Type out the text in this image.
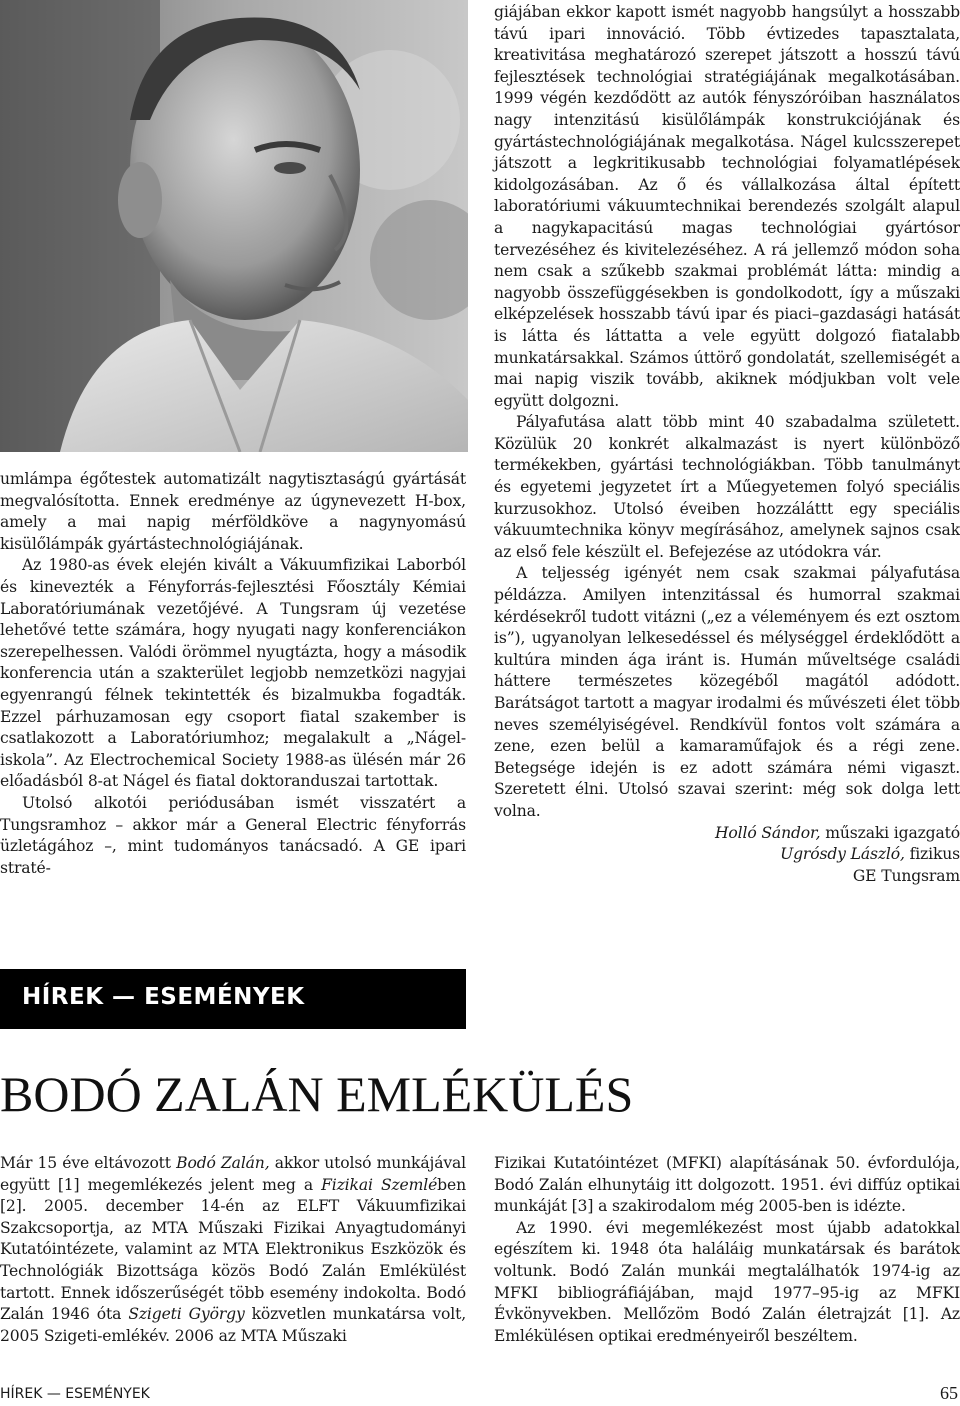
umlámpa égőtestek automatizált nagytisztaságú gyártását megvalósította. Ennek eredménye az úgynevezett H-box, amely a mai napig mérföldköve a nagynyomású kisülőlámpák gyártástechnológiájának.

Az 1980-as évek elején kivált a Vákuumfizikai Laborból és kinevezték a Fényforrás-fejlesztési Főosztály Kémiai Laboratóriumának vezetőjévé. A Tungsram új vezetése lehetővé tette számára, hogy nyugati nagy konferenciákon szerepelhessen. Valódi örömmel nyugtázta, hogy a második konferencia után a szakterület legjobb nemzetközi nagyjai egyenrangú félnek tekintették és bizalmukba fogadták. Ezzel párhuzamosan egy csoport fiatal szakember is csatlakozott a Laboratóriumhoz; megalakult a „Nágel-iskola”. Az Electrochemical Society 1988-as ülésén már 26 előadásból 8-at Nágel és fiatal doktoranduszai tartottak.

Utolsó alkotói periódusában ismét visszatért a Tungsramhoz – akkor már a General Electric fényforrás üzletágához –, mint tudományos tanácsadó. A GE ipari straté-

giájában ekkor kapott ismét nagyobb hangsúlyt a hosszabb távú ipari innováció. Több évtizedes tapasztalata, kreativitása meghatározó szerepet játszott a hosszú távú fejlesztések technológiai stratégiájának megalkotásában. 1999 végén kezdődött az autók fényszóróiban használatos nagy intenzitású kisülőlámpák konstrukciójának és gyártástechnológiájának megalkotása. Nágel kulcsszerepet játszott a legkritikusabb technológiai folyamatlépések kidolgozásában. Az ő és vállalkozása által épített laboratóriumi vákuumtechnikai berendezés szolgált alapul a nagykapacitású magas technológiai gyártósor tervezéséhez és kivitelezéséhez. A rá jellemző módon soha nem csak a szűkebb szakmai problémát látta: mindig a nagyobb összefüggésekben is gondolkodott, így a műszaki elképzelések hosszabb távú ipar és piaci–gazdasági hatását is látta és láttatta a vele együtt dolgozó fiatalabb munkatársakkal. Számos úttörő gondolatát, szellemiségét a mai napig viszik tovább, akiknek módjukban volt vele együtt dolgozni.

Pályafutása alatt több mint 40 szabadalma született. Közülük 20 konkrét alkalmazást is nyert különböző termékekben, gyártási technológiákban. Több tanulmányt és egyetemi jegyzetet írt a Műegyetemen folyó speciális kurzusokhoz. Utolsó éveiben hozzáláttt egy speciális vákuumtechnika könyv megírásához, amelynek sajnos csak az első fele készült el. Befejezése az utódokra vár.

A teljesség igényét nem csak szakmai pályafutása példázza. Amilyen intenzitással és humorral szakmai kérdésekről tudott vitázni („ez a véleményem és ezt osztom is”), ugyanolyan lelkesedéssel és mélységgel érdeklődött a kultúra minden ága iránt is. Humán műveltsége családi háttere természetes közegéből magától adódott. Barátságot tartott a magyar irodalmi és művészeti élet több neves személyiségével. Rendkívül fontos volt számára a zene, ezen belül a kamaraműfajok és a régi zene. Betegsége idején is ez adott számára némi vigaszt. Szeretett élni. Utolsó szavai szerint: még sok dolga lett volna.

Holló Sándor, műszaki igazgató

Ugrósdy László, fizikus

GE Tungsram

HÍREK — ESEMÉNYEK
BODÓ ZALÁN EMLÉKÜLÉS

Már 15 éve eltávozott Bodó Zalán, akkor utolsó munkájával együtt [1] megemlékezés jelent meg a Fizikai Szemlében [2]. 2005. december 14-én az ELFT Vákuumfizikai Szakcsoportja, az MTA Műszaki Fizikai Anyagtudományi Kutatóintézete, valamint az MTA Elektronikus Eszközök és Technológiák Bizottsága közös Bodó Zalán Emlékülést tartott. Ennek időszerűségét több esemény indokolta. Bodó Zalán 1946 óta Szigeti György közvetlen munkatársa volt, 2005 Szigeti-emlékév. 2006 az MTA Műszaki

Fizikai Kutatóintézet (MFKI) alapításának 50. évfordulója, Bodó Zalán elhunytáig itt dolgozott. 1951. évi diffúz optikai munkáját [3] a szakirodalom még 2005-ben is idézte.

Az 1990. évi megemlékezést most újabb adatokkal egészítem ki. 1948 óta haláláig munkatársak és barátok voltunk. Bodó Zalán munkái megtalálhatók 1974-ig az MFKI bibliográfiájában, majd 1977–95-ig az MFKI Évkönyvekben. Mellőzöm Bodó Zalán életrajzát [1]. Az Emlékülésen optikai eredményeiről beszéltem.

HÍREK — ESEMÉNYEK	65
